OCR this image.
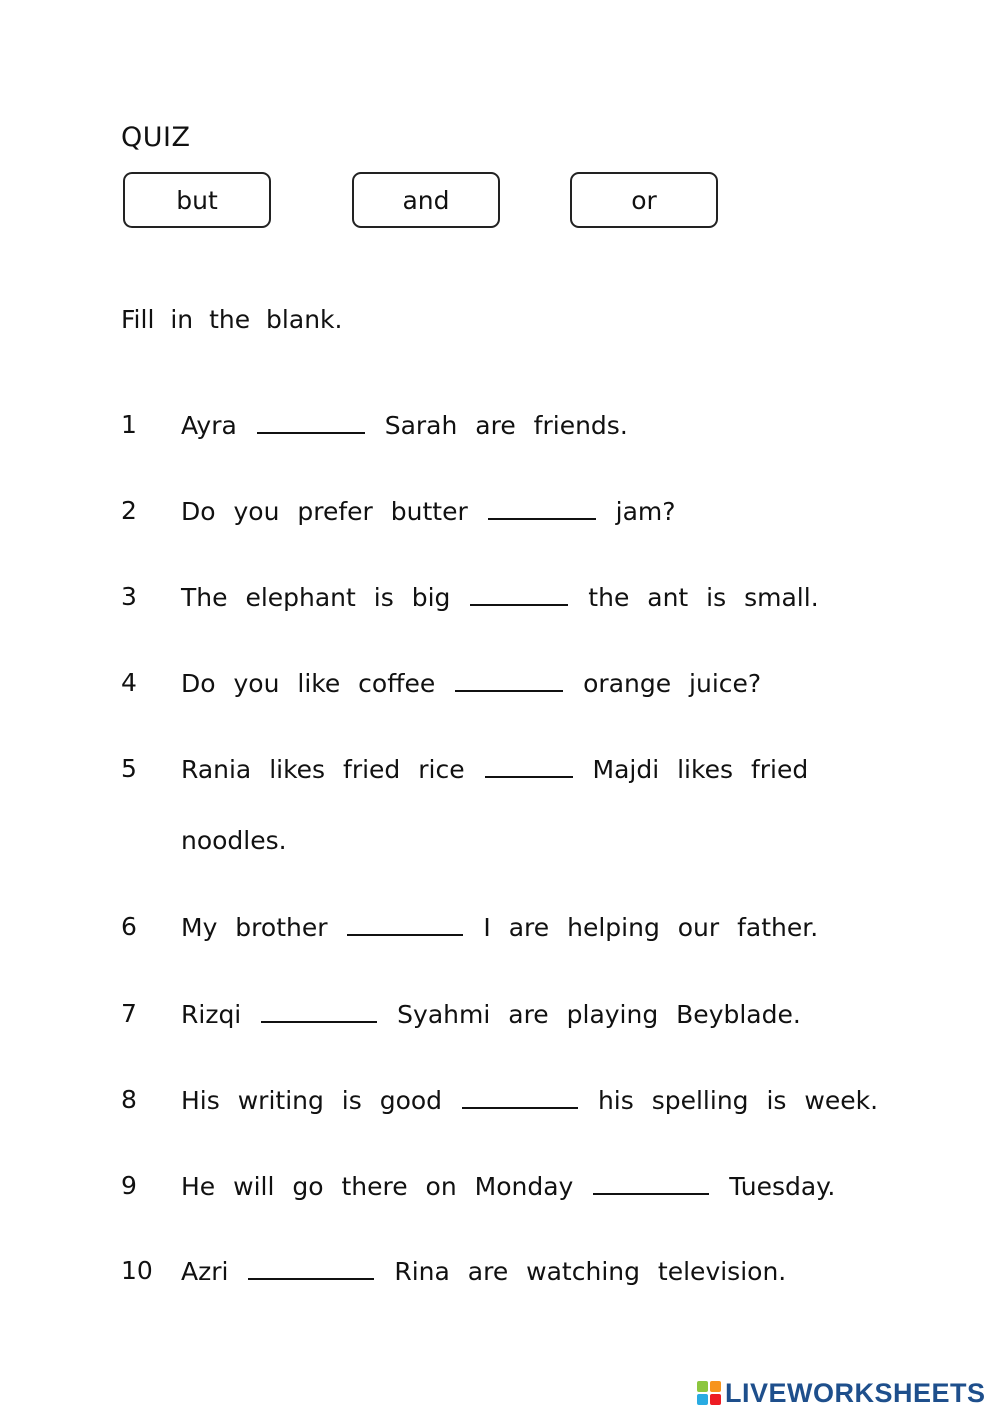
QUIZ
but	and	or
Fill in the blank.
1 Ayra	Sarah are friends.
2 Do you prefer butter	jam?
3 The elephant is big	the ant is small.
4 Do you like coffee	orange juice?
5 Rania likes fried rice	Majdi likes fried
noodles.
6 My brother	I are helping our father.
7 Rizqi	Syahmi are playing Beyblade.
8 His writing is good	his spelling is week.
9 He will go there on Monday	Tuesday.
10 Azri	Rina are watching television.
LIVEWORKSHEETS
